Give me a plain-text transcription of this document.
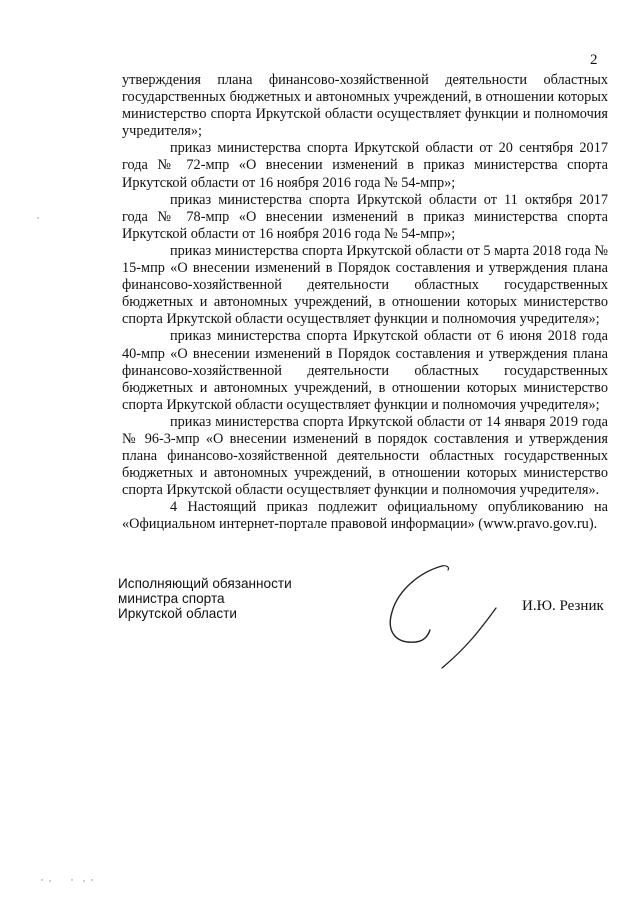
2

утверждения плана финансово-хозяйственной деятельности областных государственных бюджетных и автономных учреждений, в отношении которых министерство спорта Иркутской области осуществляет функции и полномочия учредителя»;

приказ министерства спорта Иркутской области от 20 сентября 2017 года № 72-мпр «О внесении изменений в приказ министерства спорта Иркутской области от 16 ноября 2016 года № 54-мпр»;

приказ министерства спорта Иркутской области от 11 октября 2017 года № 78-мпр «О внесении изменений в приказ министерства спорта Иркутской области от 16 ноября 2016 года № 54-мпр»;

приказ министерства спорта Иркутской области от 5 марта 2018 года № 15-мпр «О внесении изменений в Порядок составления и утверждения плана финансово-хозяйственной деятельности областных государственных бюджетных и автономных учреждений, в отношении которых министерство спорта Иркутской области осуществляет функции и полномочия учредителя»;

приказ министерства спорта Иркутской области от 6 июня 2018 года 40-мпр «О внесении изменений в Порядок составления и утверждения плана финансово-хозяйственной деятельности областных государственных бюджетных и автономных учреждений, в отношении которых министерство спорта Иркутской области осуществляет функции и полномочия учредителя»;

приказ министерства спорта Иркутской области от 14 января 2019 года № 96-3-мпр «О внесении изменений в порядок составления и утверждения плана финансово-хозяйственной деятельности областных государственных бюджетных и автономных учреждений, в отношении которых министерство спорта Иркутской области осуществляет функции и полномочия учредителя».

4 Настоящий приказ подлежит официальному опубликованию на «Официальном интернет-портале правовой информации» (www.pravo.gov.ru).

Исполняющий обязанности
министра спорта
Иркутской области	И.Ю. Резник
